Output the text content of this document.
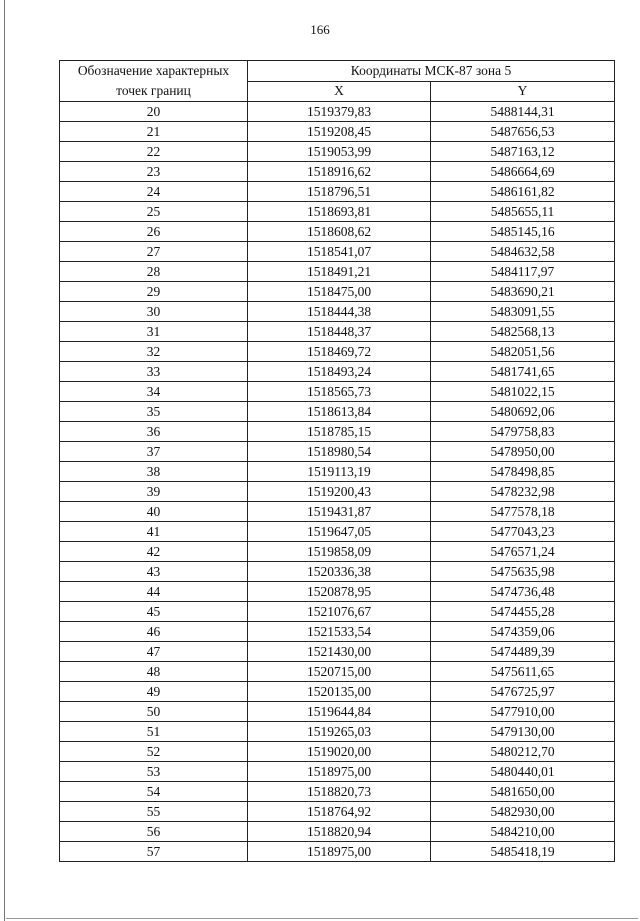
166
Обозначение характерных
точек границ	Координаты МСК-87 зона 5	
	X	Y
20	1519379,83	5488144,31
21	1519208,45	5487656,53
22	1519053,99	5487163,12
23	1518916,62	5486664,69
24	1518796,51	5486161,82
25	1518693,81	5485655,11
26	1518608,62	5485145,16
27	1518541,07	5484632,58
28	1518491,21	5484117,97
29	1518475,00	5483690,21
30	1518444,38	5483091,55
31	1518448,37	5482568,13
32	1518469,72	5482051,56
33	1518493,24	5481741,65
34	1518565,73	5481022,15
35	1518613,84	5480692,06
36	1518785,15	5479758,83
37	1518980,54	5478950,00
38	1519113,19	5478498,85
39	1519200,43	5478232,98
40	1519431,87	5477578,18
41	1519647,05	5477043,23
42	1519858,09	5476571,24
43	1520336,38	5475635,98
44	1520878,95	5474736,48
45	1521076,67	5474455,28
46	1521533,54	5474359,06
47	1521430,00	5474489,39
48	1520715,00	5475611,65
49	1520135,00	5476725,97
50	1519644,84	5477910,00
51	1519265,03	5479130,00
52	1519020,00	5480212,70
53	1518975,00	5480440,01
54	1518820,73	5481650,00
55	1518764,92	5482930,00
56	1518820,94	5484210,00
57	1518975,00	5485418,19
